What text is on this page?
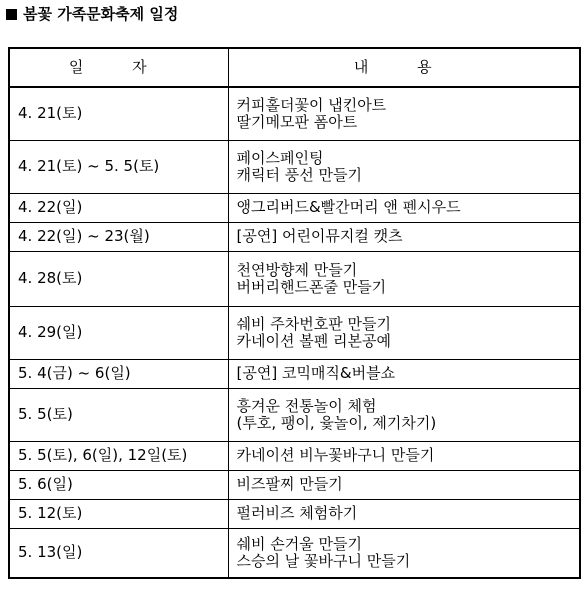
봄꽃 가족문화축제 일정
일 자	내 용
4. 21(토)	커피홀더꽃이 냅킨아트
딸기메모판 폼아트

4. 21(토) ~ 5. 5(토)	페이스페인팅
캐릭터 풍선 만들기

4. 22(일)	앵그리버드&빨간머리 앤 펜시우드

4. 22(일) ~ 23(월)	[공연] 어린이뮤지컬 캣츠

4. 28(토)	천연방향제 만들기
버버리핸드폰줄 만들기

4. 29(일)	쉐비 주차번호판 만들기
카네이션 볼펜 리본공예

5. 4(금) ~ 6(일)	[공연] 코믹매직&버블쇼

5. 5(토)	흥겨운 전통놀이 체험
(투호, 팽이, 윷놀이, 제기차기)

5. 5(토), 6(일), 12일(토)	카네이션 비누꽃바구니 만들기

5. 6(일)	비즈팔찌 만들기

5. 12(토)	펄러비즈 체험하기

5. 13(일)	쉐비 손거울 만들기
스승의 날 꽃바구니 만들기
